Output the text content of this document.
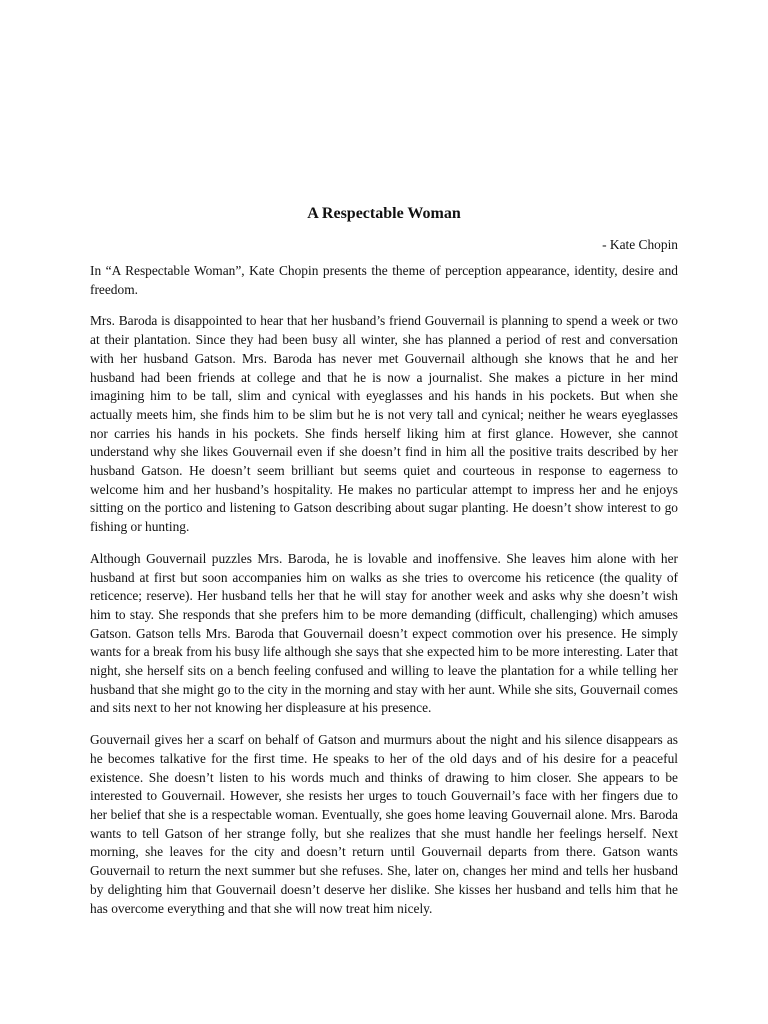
A Respectable Woman
- Kate Chopin

In “A Respectable Woman”, Kate Chopin presents the theme of perception appearance, identity, desire and freedom.

Mrs. Baroda is disappointed to hear that her husband’s friend Gouvernail is planning to spend a week or two at their plantation. Since they had been busy all winter, she has planned a period of rest and conversation with her husband Gatson. Mrs. Baroda has never met Gouvernail although she knows that he and her husband had been friends at college and that he is now a journalist. She makes a picture in her mind imagining him to be tall, slim and cynical with eyeglasses and his hands in his pockets. But when she actually meets him, she finds him to be slim but he is not very tall and cynical; neither he wears eyeglasses nor carries his hands in his pockets. She finds herself liking him at first glance. However, she cannot understand why she likes Gouvernail even if she doesn’t find in him all the positive traits described by her husband Gatson. He doesn’t seem brilliant but seems quiet and courteous in response to eagerness to welcome him and her husband’s hospitality. He makes no particular attempt to impress her and he enjoys sitting on the portico and listening to Gatson describing about sugar planting. He doesn’t show interest to go fishing or hunting.

Although Gouvernail puzzles Mrs. Baroda, he is lovable and inoffensive. She leaves him alone with her husband at first but soon accompanies him on walks as she tries to overcome his reticence (the quality of reticence; reserve). Her husband tells her that he will stay for another week and asks why she doesn’t wish him to stay. She responds that she prefers him to be more demanding (difficult, challenging) which amuses Gatson. Gatson tells Mrs. Baroda that Gouvernail doesn’t expect commotion over his presence. He simply wants for a break from his busy life although she says that she expected him to be more interesting. Later that night, she herself sits on a bench feeling confused and willing to leave the plantation for a while telling her husband that she might go to the city in the morning and stay with her aunt. While she sits, Gouvernail comes and sits next to her not knowing her displeasure at his presence.

Gouvernail gives her a scarf on behalf of Gatson and murmurs about the night and his silence disappears as he becomes talkative for the first time. He speaks to her of the old days and of his desire for a peaceful existence. She doesn’t listen to his words much and thinks of drawing to him closer. She appears to be interested to Gouvernail. However, she resists her urges to touch Gouvernail’s face with her fingers due to her belief that she is a respectable woman. Eventually, she goes home leaving Gouvernail alone. Mrs. Baroda wants to tell Gatson of her strange folly, but she realizes that she must handle her feelings herself. Next morning, she leaves for the city and doesn’t return until Gouvernail departs from there. Gatson wants Gouvernail to return the next summer but she refuses. She, later on, changes her mind and tells her husband by delighting him that Gouvernail doesn’t deserve her dislike. She kisses her husband and tells him that he has overcome everything and that she will now treat him nicely.
